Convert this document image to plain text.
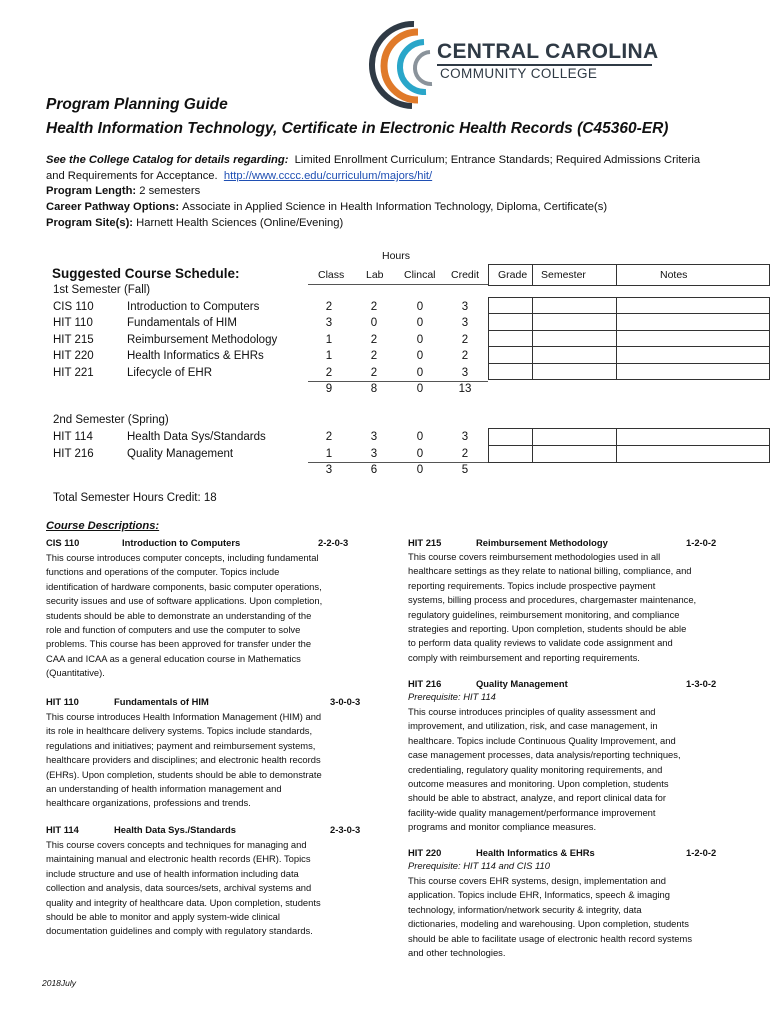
CENTRAL CAROLINA
COMMUNITY COLLEGE
Program Planning Guide
Health Information Technology, Certificate in Electronic Health Records (C45360-ER)
See the College Catalog for details regarding: Limited Enrollment Curriculum; Entrance Standards; Required Admissions Criteria
and Requirements for Acceptance. http://www.cccc.edu/curriculum/majors/hit/
Program Length: 2 semesters
Career Pathway Options: Associate in Applied Science in Health Information Technology, Diploma, Certificate(s)
Program Site(s): Harnett Health Sciences (Online/Evening)
Hours
Suggested Course Schedule:	Class Lab Clincal Credit Grade Semester	Notes

1st Semester (Fall)
CIS 110	Introduction to Computers	2	2	0	3
HIT 110	Fundamentals of HIM	3	0	0	3
HIT 215	Reimbursement Methodology	1	2	0	2
HIT 220	Health Informatics & EHRs	1	2	0	2
HIT 221	Lifecycle of EHR	2	2	0	3
9	8	0	13
2nd Semester (Spring)
HIT 114	Health Data Sys/Standards	2	3	0	3
HIT 216	Quality Management	1	3	0	2
3	6	0	5
Total Semester Hours Credit: 18
Course Descriptions:
CIS 110	Introduction to Computers	2-2-0-3
This course introduces computer concepts, including fundamental
functions and operations of the computer. Topics include
identification of hardware components, basic computer operations,
security issues and use of software applications. Upon completion,
students should be able to demonstrate an understanding of the
role and function of computers and use the computer to solve
problems. This course has been approved for transfer under the
CAA and ICAA as a general education course in Mathematics
(Quantitative).
HIT 110	Fundamentals of HIM	3-0-0-3
This course introduces Health Information Management (HIM) and
its role in healthcare delivery systems. Topics include standards,
regulations and initiatives; payment and reimbursement systems,
healthcare providers and disciplines; and electronic health records
(EHRs). Upon completion, students should be able to demonstrate
an understanding of health information management and
healthcare organizations, professions and trends.
HIT 114	Health Data Sys./Standards	2-3-0-3
This course covers concepts and techniques for managing and
maintaining manual and electronic health records (EHR). Topics
include structure and use of health information including data
collection and analysis, data sources/sets, archival systems and
quality and integrity of healthcare data. Upon completion, students
should be able to monitor and apply system-wide clinical
documentation guidelines and comply with regulatory standards.
HIT 215	Reimbursement Methodology	1-2-0-2
This course covers reimbursement methodologies used in all
healthcare settings as they relate to national billing, compliance, and
reporting requirements. Topics include prospective payment
systems, billing process and procedures, chargemaster maintenance,
regulatory guidelines, reimbursement monitoring, and compliance
strategies and reporting. Upon completion, students should be able
to perform data quality reviews to validate code assignment and
comply with reimbursement and reporting requirements.
HIT 216	Quality Management	1-3-0-2
Prerequisite: HIT 114
This course introduces principles of quality assessment and
improvement, and utilization, risk, and case management, in
healthcare. Topics include Continuous Quality Improvement, and
case management processes, data analysis/reporting techniques,
credentialing, regulatory quality monitoring requirements, and
outcome measures and monitoring. Upon completion, students
should be able to abstract, analyze, and report clinical data for
facility-wide quality management/performance improvement
programs and monitor compliance measures.
HIT 220	Health Informatics & EHRs	1-2-0-2
Prerequisite: HIT 114 and CIS 110
This course covers EHR systems, design, implementation and
application. Topics include EHR, Informatics, speech & imaging
technology, information/network security & integrity, data
dictionaries, modeling and warehousing. Upon completion, students
should be able to facilitate usage of electronic health record systems
and other technologies.
2018July
